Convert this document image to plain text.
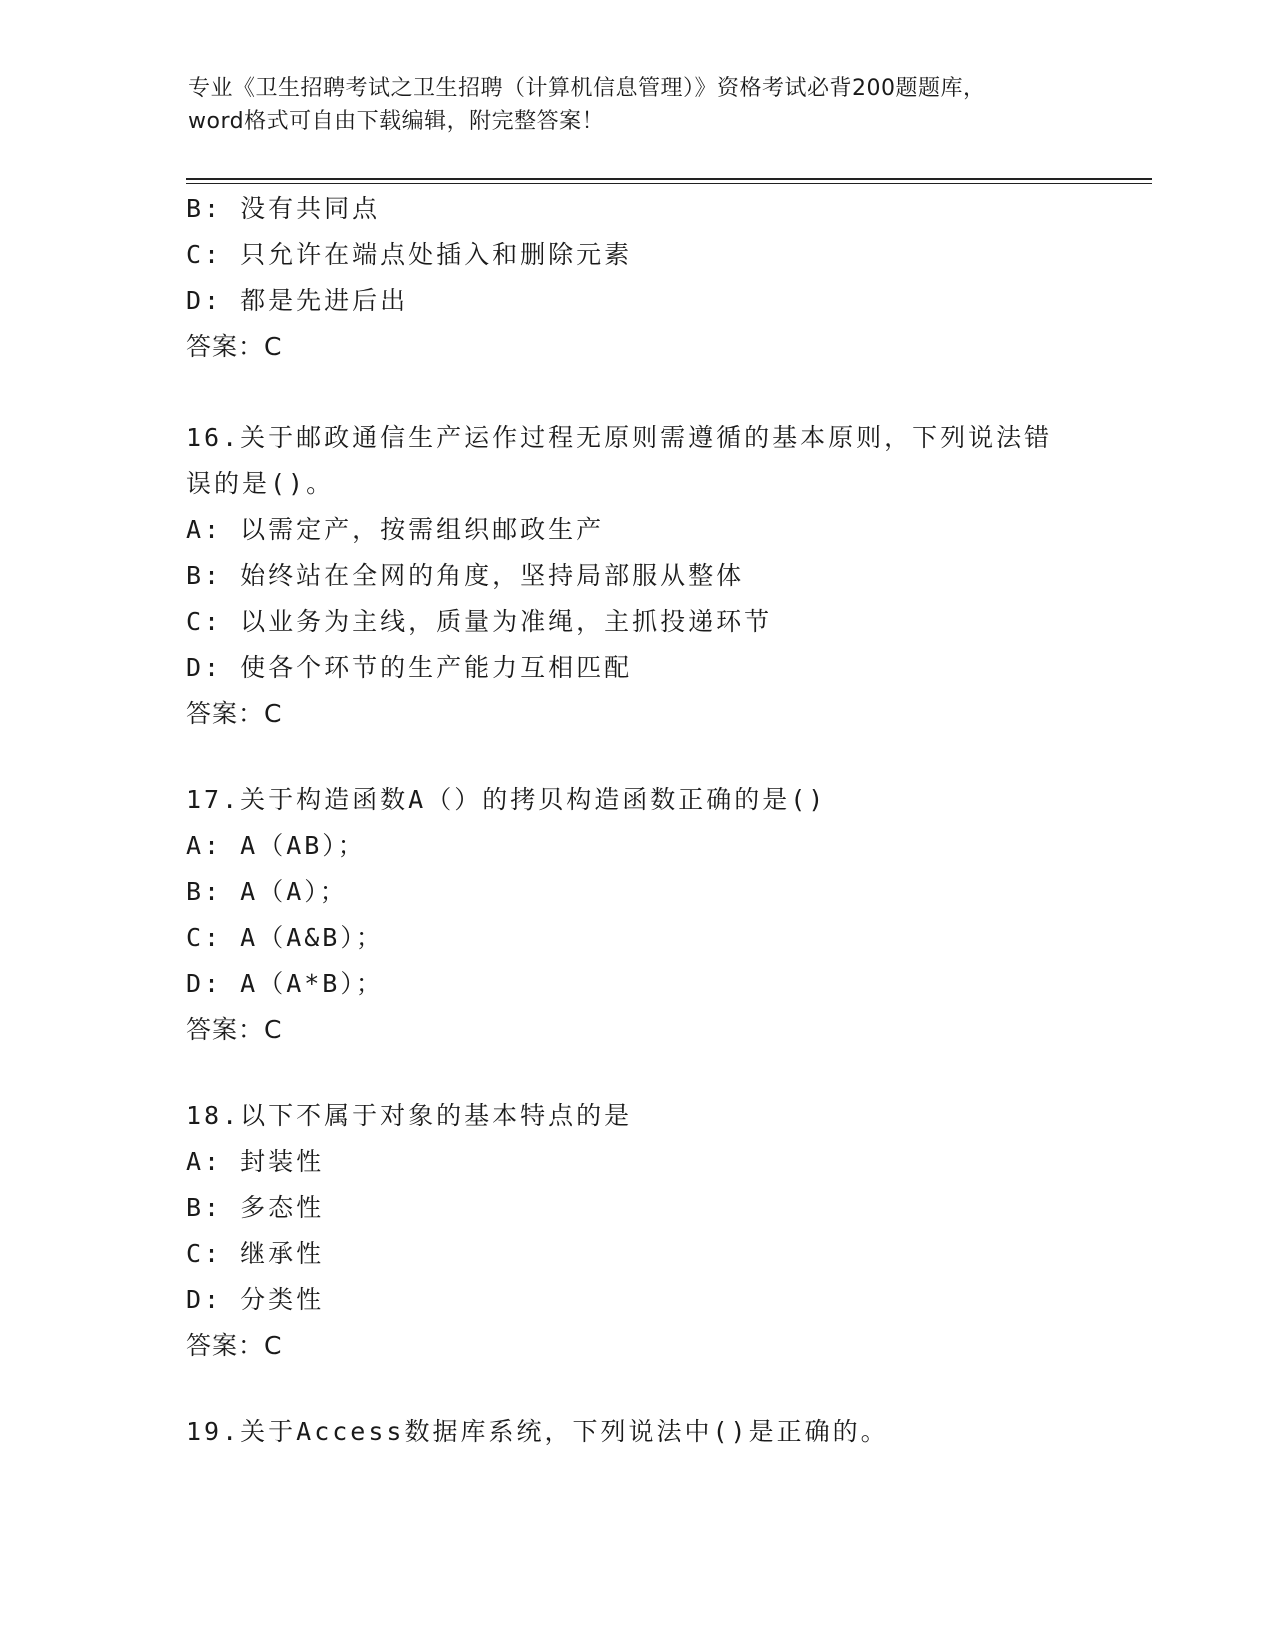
专业《卫生招聘考试之卫生招聘（计算机信息管理）》资格考试必背200题题库，
word格式可自由下载编辑，附完整答案！
B: 没有共同点
C: 只允许在端点处插入和删除元素
D: 都是先进后出
答案：C
16.关于邮政通信生产运作过程无原则需遵循的基本原则，下列说法错
误的是()。
A: 以需定产，按需组织邮政生产
B: 始终站在全网的角度，坚持局部服从整体
C: 以业务为主线，质量为准绳，主抓投递环节
D: 使各个环节的生产能力互相匹配
答案：C
17.关于构造函数A（）的拷贝构造函数正确的是()
A: A（AB）；
B: A（A）；
C: A（A&B）；
D: A（A*B）；
答案：C
18.以下不属于对象的基本特点的是
A: 封装性
B: 多态性
C: 继承性
D: 分类性
答案：C
19.关于Access数据库系统，下列说法中()是正确的。
